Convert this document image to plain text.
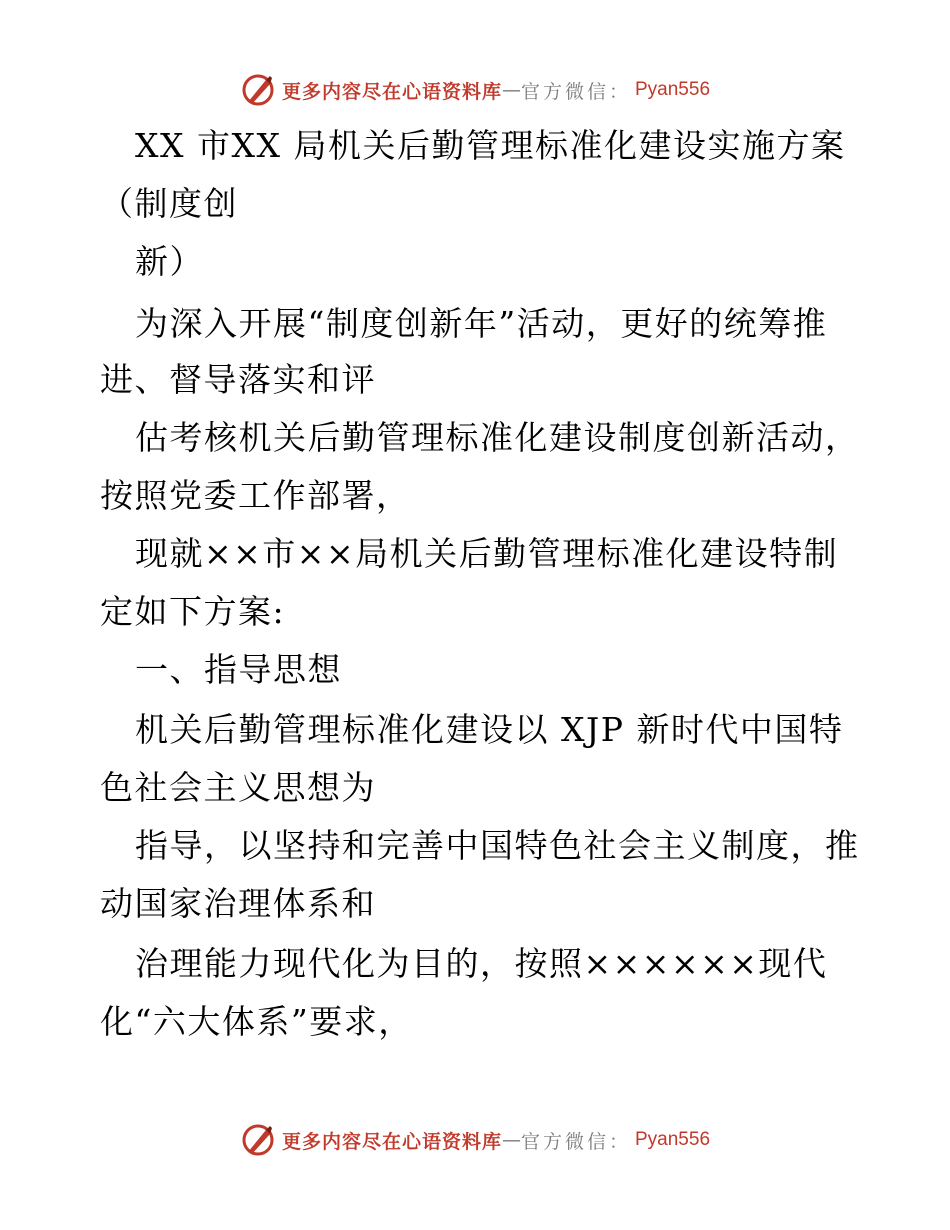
更多内容尽在心语资料库 — 官方微信： Pyan556
XX 市XX 局机关后勤管理标准化建设实施方案
（制度创
新）
为深入开展“制度创新年”活动，更好的统筹推
进、督导落实和评
估考核机关后勤管理标准化建设制度创新活动，
按照党委工作部署，
现就××市××局机关后勤管理标准化建设特制
定如下方案:
一、指导思想
机关后勤管理标准化建设以 XJP 新时代中国特
色社会主义思想为
指导，以坚持和完善中国特色社会主义制度，推
动国家治理体系和
治理能力现代化为目的，按照××××××现代
化“六大体系”要求，
更多内容尽在心语资料库 — 官方微信： Pyan556
